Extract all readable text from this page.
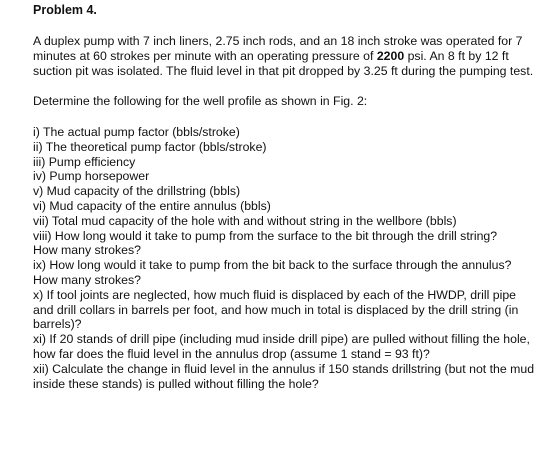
Problem 4.

A duplex pump with 7 inch liners, 2.75 inch rods, and an 18 inch stroke was operated for 7 minutes at 60 strokes per minute with an operating pressure of 2200 psi. An 8 ft by 12 ft suction pit was isolated. The fluid level in that pit dropped by 3.25 ft during the pumping test.

Determine the following for the well profile as shown in Fig. 2:

i) The actual pump factor (bbls/stroke)
ii) The theoretical pump factor (bbls/stroke)
iii) Pump efficiency
iv) Pump horsepower
v) Mud capacity of the drillstring (bbls)
vi) Mud capacity of the entire annulus (bbls)
vii) Total mud capacity of the hole with and without string in the wellbore (bbls)
viii) How long would it take to pump from the surface to the bit through the drill string?
How many strokes?
ix) How long would it take to pump from the bit back to the surface through the annulus?
How many strokes?
x) If tool joints are neglected, how much fluid is displaced by each of the HWDP, drill pipe and drill collars in barrels per foot, and how much in total is displaced by the drill string (in barrels)?
xi) If 20 stands of drill pipe (including mud inside drill pipe) are pulled without filling the hole, how far does the fluid level in the annulus drop (assume 1 stand = 93 ft)?
xii) Calculate the change in fluid level in the annulus if 150 stands drillstring (but not the mud inside these stands) is pulled without filling the hole?
